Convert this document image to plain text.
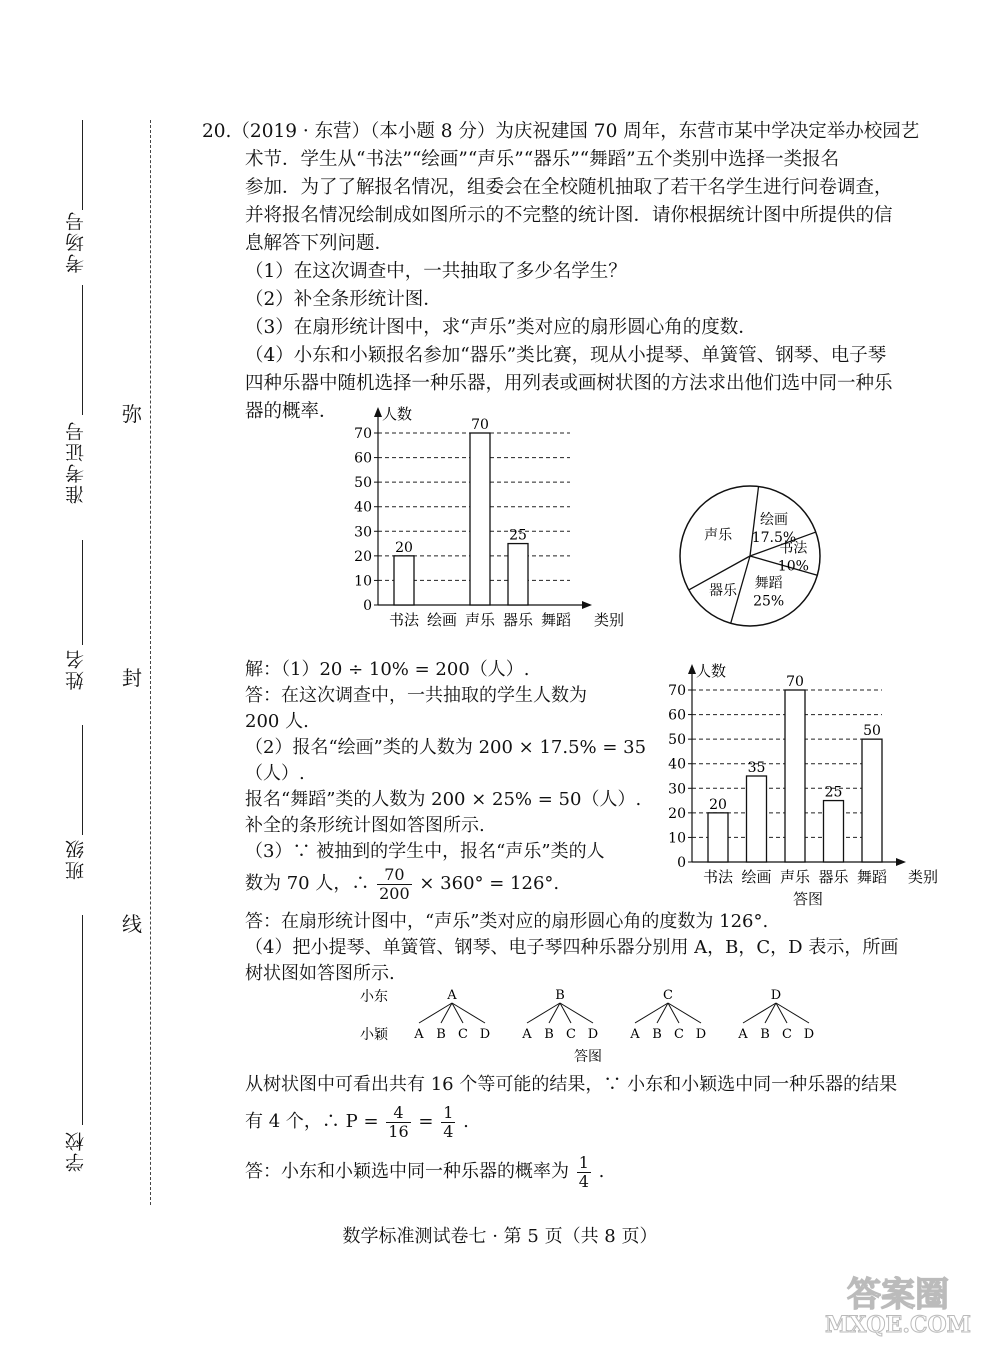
考场号
准考证号
姓名
班级
学校
弥
封
线
20.（2019 · 东营）（本小题 8 分）为庆祝建国 70 周年，东营市某中学决定举办校园艺
术节．学生从“书法”“绘画”“声乐”“器乐”“舞蹈”五个类别中选择一类报名
参加．为了了解报名情况，组委会在全校随机抽取了若干名学生进行问卷调查，
并将报名情况绘制成如图所示的不完整的统计图．请你根据统计图中所提供的信
息解答下列问题．
（1）在这次调查中，一共抽取了多少名学生？
（2）补全条形统计图．
（3）在扇形统计图中，求“声乐”类对应的扇形圆心角的度数．
（4）小东和小颖报名参加“器乐”类比赛，现从小提琴、单簧管、钢琴、电子琴
四种乐器中随机选择一种乐器，用列表或画树状图的方法求出他们选中同一种乐
器的概率．
0
10
20
30
40
50
60
70
人数
类别
书法
20
绘画 声乐
70
器乐
25
舞蹈
绘画
17.5%
书法
10%
舞蹈
25%
器乐
声乐
解：（1）20 ÷ 10% = 200（人）.
答：在这次调查中，一共抽取的学生人数为
200 人.
（2）报名“绘画”类的人数为 200 × 17.5% = 35
（人）.
报名“舞蹈”类的人数为 200 × 25% = 50（人）.
补全的条形统计图如答图所示.
（3）∵ 被抽到的学生中，报名“声乐”类的人
数为 70 人，∴ $\frac{70}{200} \times 360^\circ = 126^\circ$.
0
10
20
30
40
50
60
70
人数
类别
书法
20
绘画
35
声乐
70
器乐
25
舞蹈
50
答图
答：在扇形统计图中，“声乐”类对应的扇形圆心角的度数为 126°.
（4）把小提琴、单簧管、钢琴、电子琴四种乐器分别用 A，B，C，D 表示，所画
树状图如答图所示.
小东
小颖
A
A B C D
B
A B C D
C
A B C D
D
A B C D
答图
从树状图中可看出共有 16 个等可能的结果，∵ 小东和小颖选中同一种乐器的结果
有 4 个，∴ $P = \frac{4}{16} = \frac{1}{4}$ .
答：小东和小颖选中同一种乐器的概率为 $\frac{1}{4}$ .
数学标准测试卷七 · 第 5 页（共 8 页）
答案圈
MXQE.COM
